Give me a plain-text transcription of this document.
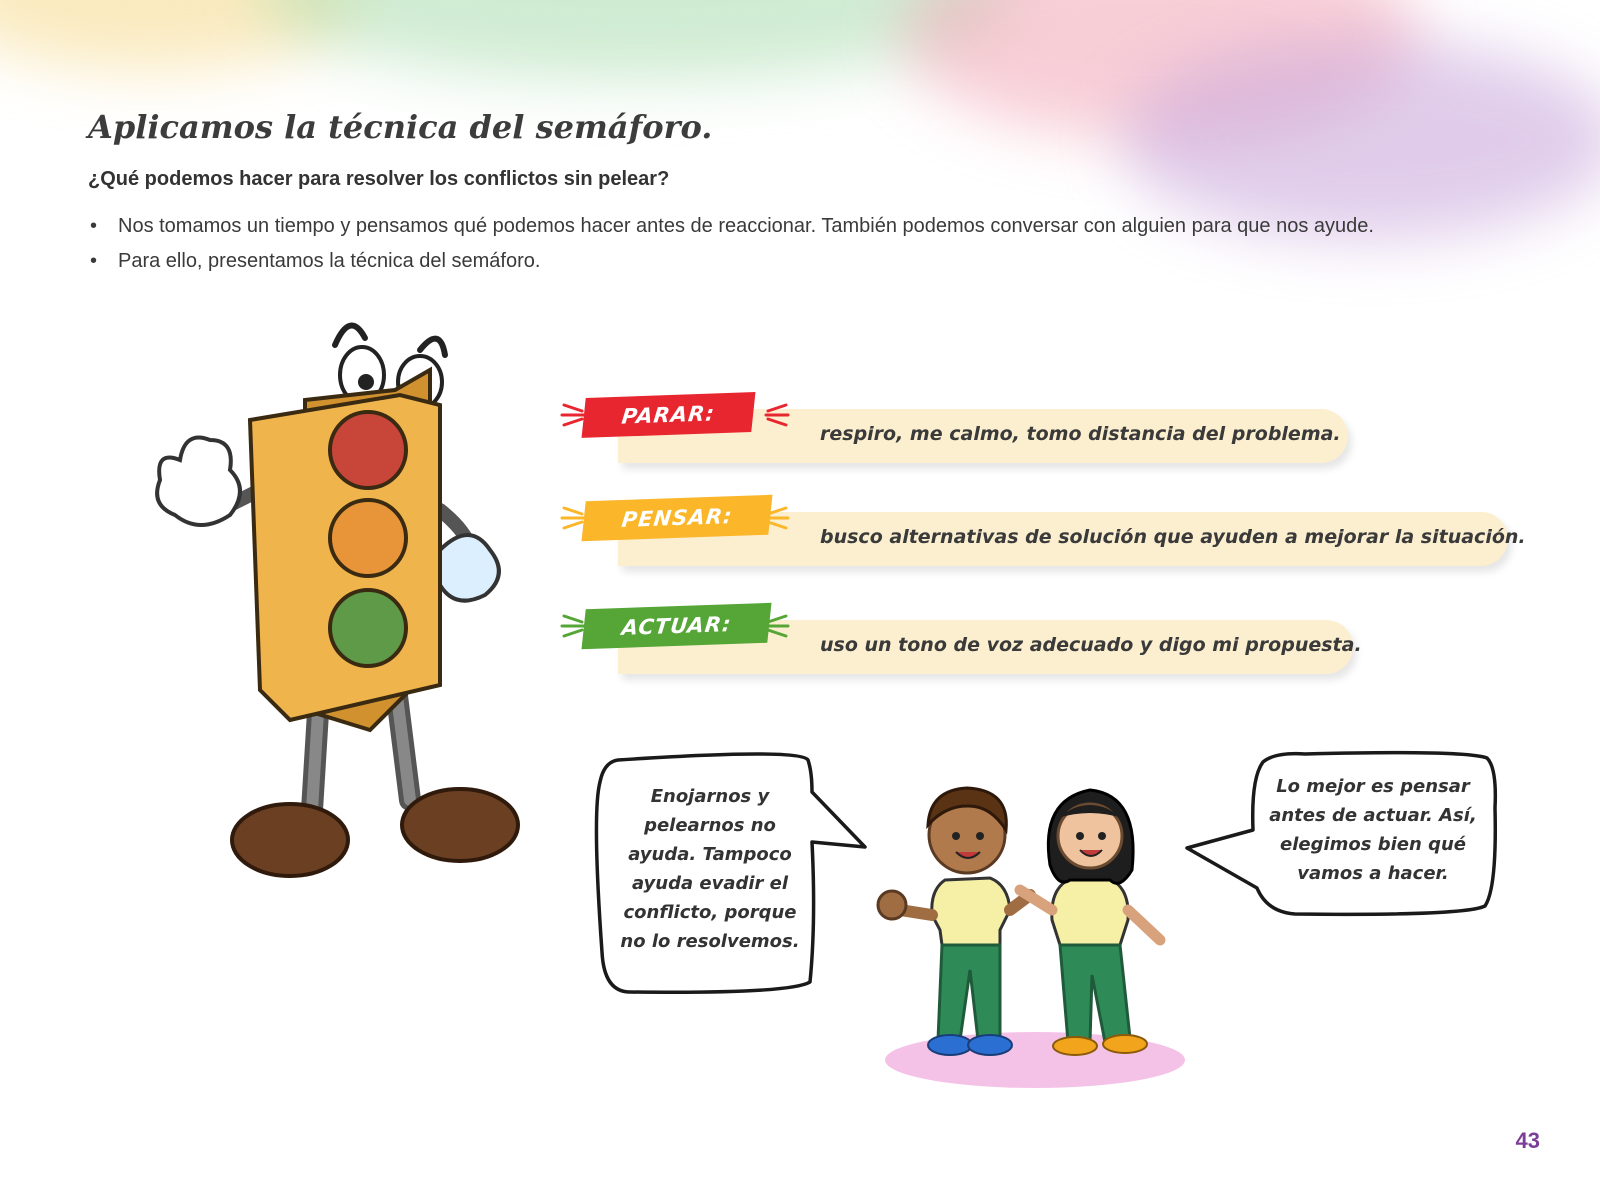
Aplicamos la técnica del semáforo.

¿Qué podemos hacer para resolver los conflictos sin pelear?

• Nos tomamos un tiempo y pensamos qué podemos hacer antes de reaccionar. También podemos conversar con alguien para que nos ayude.
• Para ello, presentamos la técnica del semáforo.
PARAR:
respiro, me calmo, tomo distancia del problema.
PENSAR:
busco alternativas de solución que ayuden a mejorar la situación.
ACTUAR:
uso un tono de voz adecuado y digo mi propuesta.
Enojarnos y pelearnos no ayuda. Tampoco ayuda evadir el conflicto, porque no lo resolvemos.
Lo mejor es pensar antes de actuar. Así, elegimos bien qué vamos a hacer.
43
